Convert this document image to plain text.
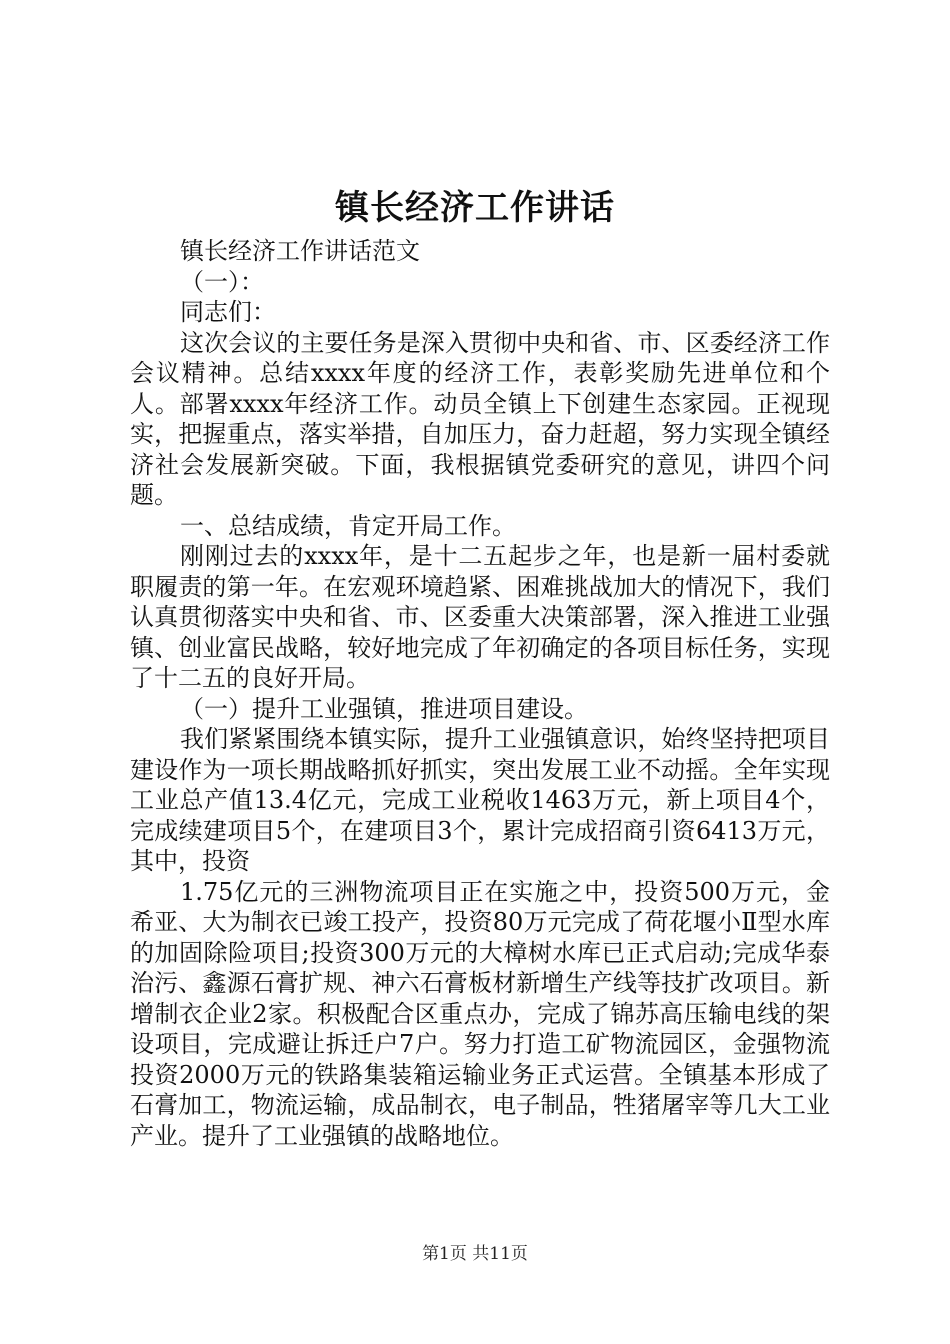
镇长经济工作讲话

镇长经济工作讲话范文

（一）：

同志们：

这次会议的主要任务是深入贯彻中央和省、市、区委经济工作会议精神。总结xxxx年度的经济工作，表彰奖励先进单位和个人。部署xxxx年经济工作。动员全镇上下创建生态家园。正视现实，把握重点，落实举措，自加压力，奋力赶超，努力实现全镇经济社会发展新突破。下面，我根据镇党委研究的意见，讲四个问题。

一、总结成绩，肯定开局工作。

刚刚过去的xxxx年，是十二五起步之年，也是新一届村委就职履责的第一年。在宏观环境趋紧、困难挑战加大的情况下，我们认真贯彻落实中央和省、市、区委重大决策部署，深入推进工业强镇、创业富民战略，较好地完成了年初确定的各项目标任务，实现了十二五的良好开局。

（一）提升工业强镇，推进项目建设。

我们紧紧围绕本镇实际，提升工业强镇意识，始终坚持把项目建设作为一项长期战略抓好抓实，突出发展工业不动摇。全年实现工业总产值13.4亿元，完成工业税收1463万元，新上项目4个，完成续建项目5个，在建项目3个，累计完成招商引资6413万元，其中，投资

1.75亿元的三洲物流项目正在实施之中，投资500万元，金希亚、大为制衣已竣工投产，投资80万元完成了荷花堰小Ⅱ型水库的加固除险项目;投资300万元的大樟树水库已正式启动;完成华泰治污、鑫源石膏扩规、神六石膏板材新增生产线等技扩改项目。新增制衣企业2家。积极配合区重点办，完成了锦苏高压输电线的架设项目，完成避让拆迁户7户。努力打造工矿物流园区，金强物流投资2000万元的铁路集装箱运输业务正式运营。全镇基本形成了石膏加工，物流运输，成品制衣，电子制品，牲猪屠宰等几大工业产业。提升了工业强镇的战略地位。

第1页 共11页
